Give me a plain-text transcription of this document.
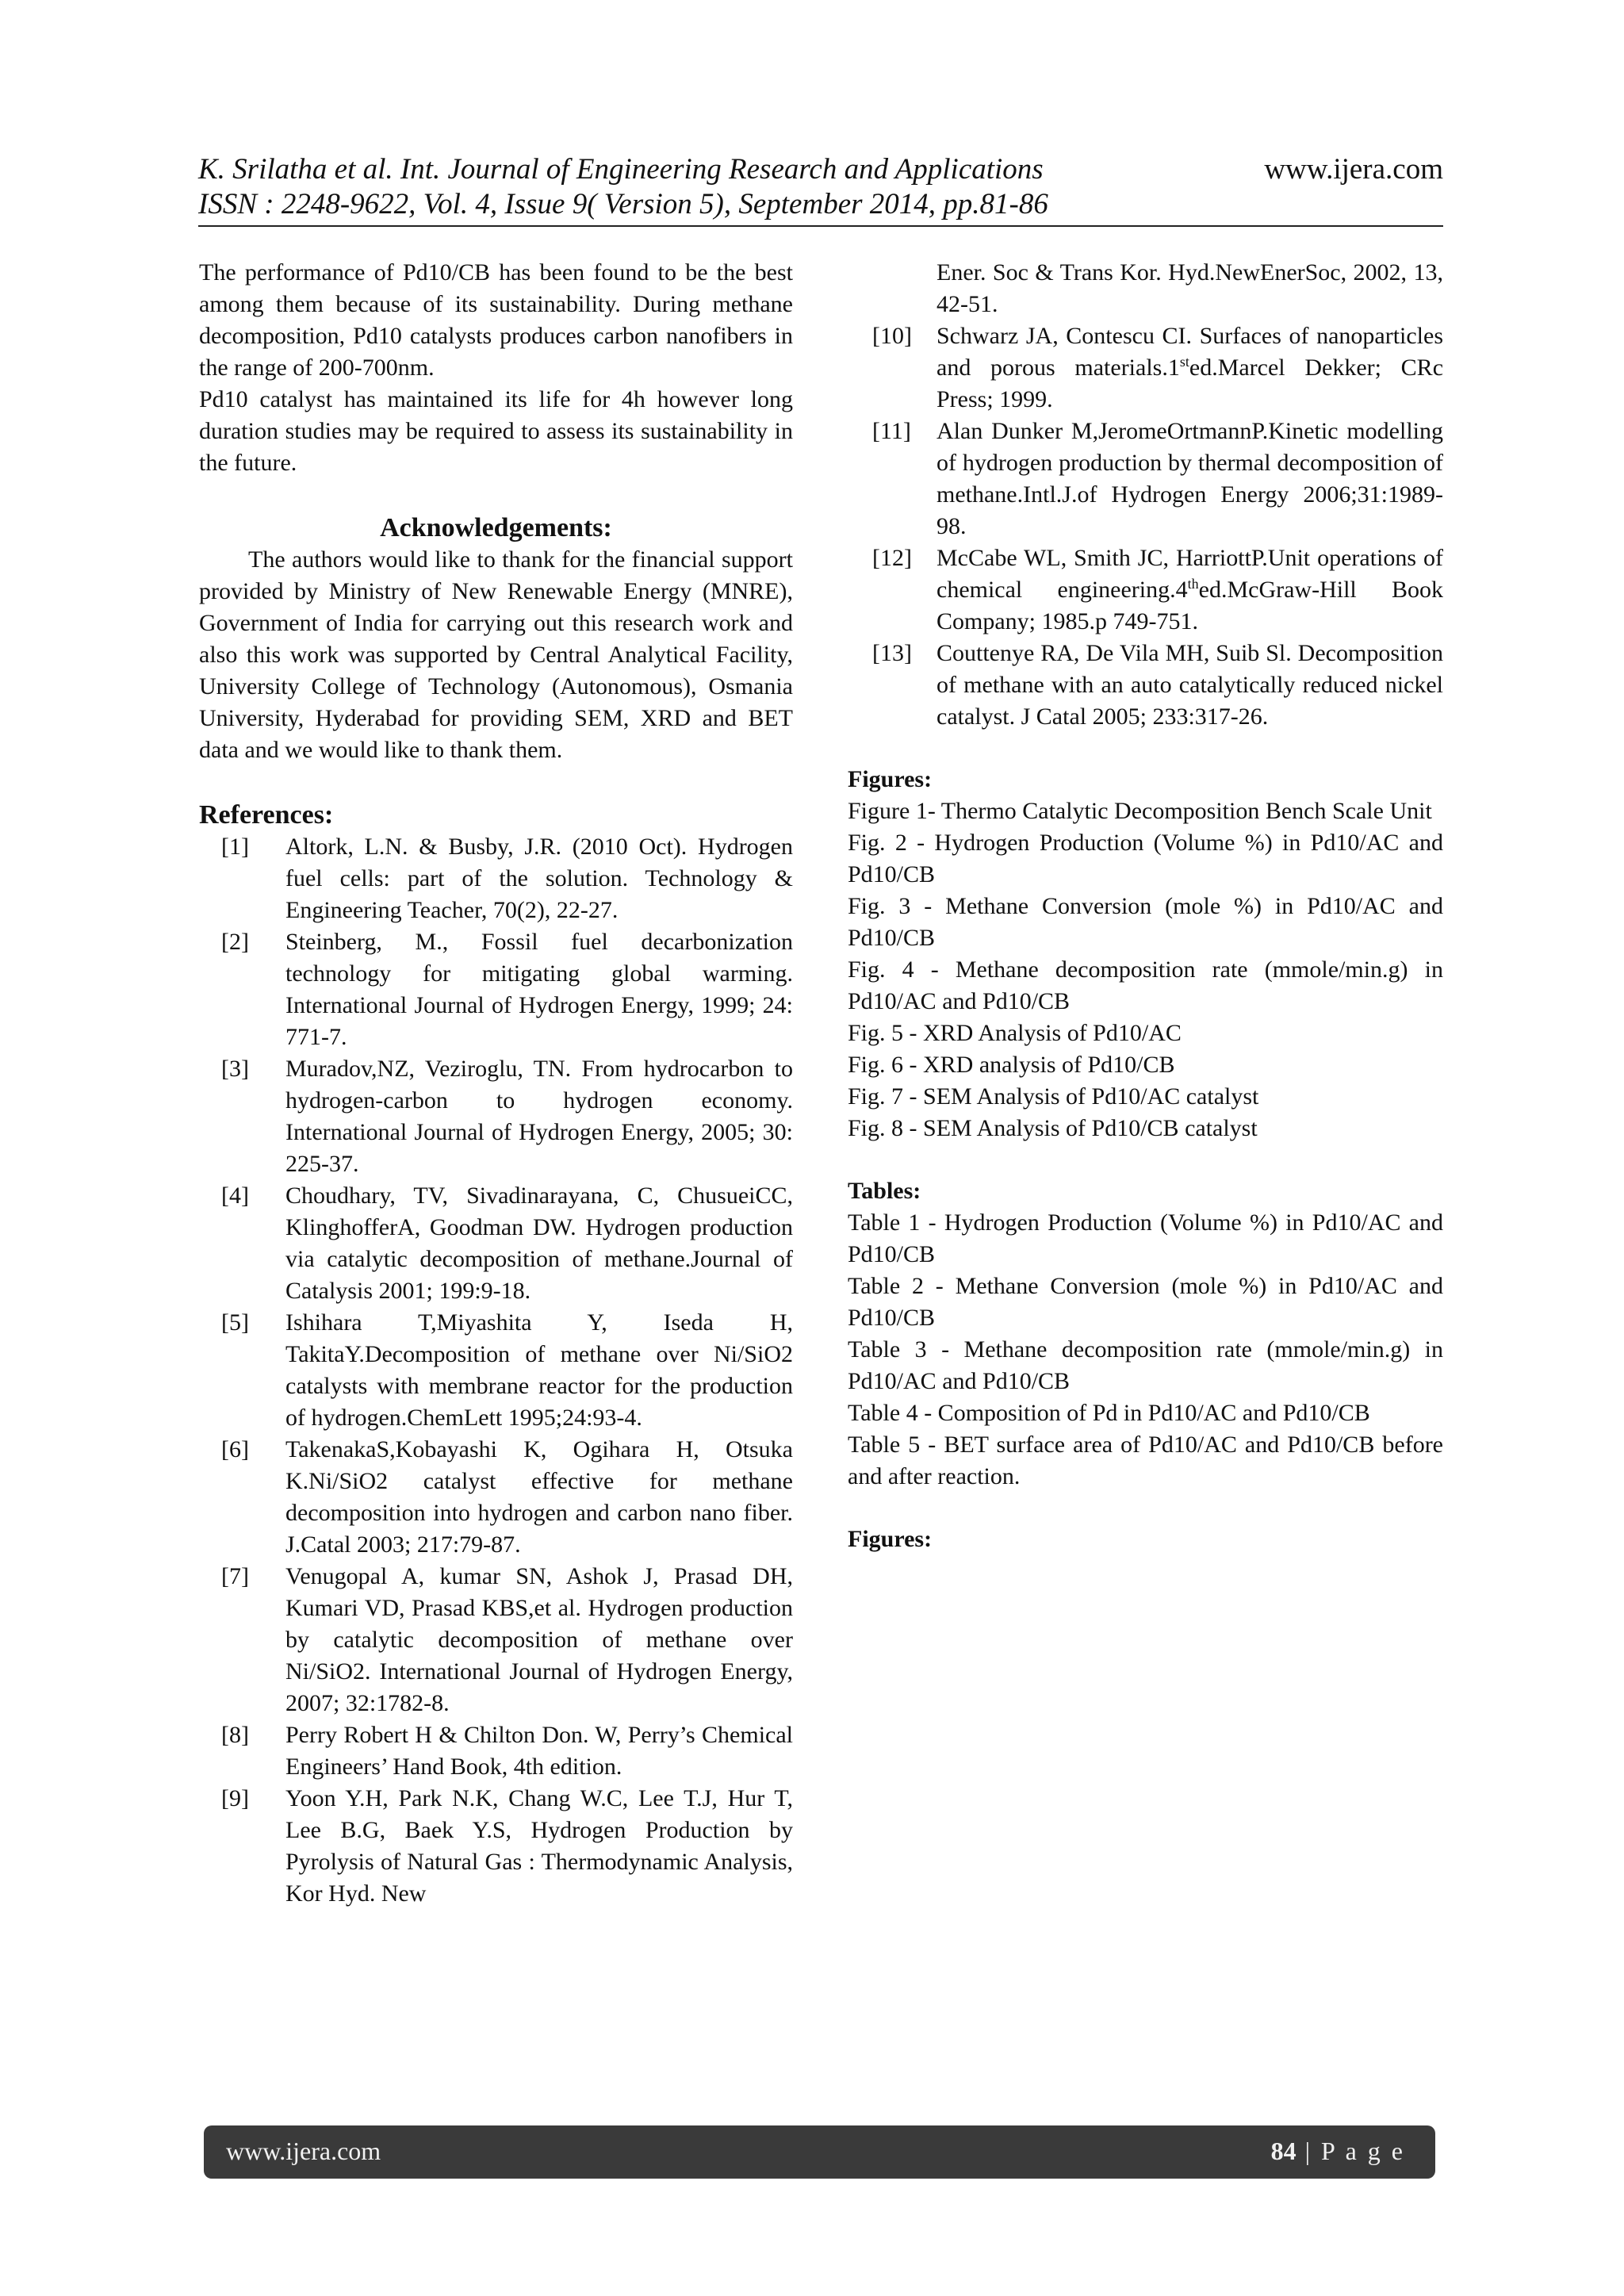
K. Srilatha et al. Int. Journal of Engineering Research and Applications	www.ijera.com
ISSN : 2248-9622, Vol. 4, Issue 9( Version 5), September 2014, pp.81-86

The performance of Pd10/CB has been found to be the best among them because of its sustainability. During methane decomposition, Pd10 catalysts produces carbon nanofibers in the range of 200-700nm.

Pd10 catalyst has maintained its life for 4h however long duration studies may be required to assess its sustainability in the future.

Acknowledgements:

The authors would like to thank for the financial support provided by Ministry of New Renewable Energy (MNRE), Government of India for carrying out this research work and also this work was supported by Central Analytical Facility, University College of Technology (Autonomous), Osmania University, Hyderabad for providing SEM, XRD and BET data and we would like to thank them.

References:
[1] Altork, L.N. & Busby, J.R. (2010 Oct). Hydrogen fuel cells: part of the solution. Technology & Engineering Teacher, 70(2), 22-27.
[2] Steinberg, M., Fossil fuel decarbonization technology for mitigating global warming. International Journal of Hydrogen Energy, 1999; 24: 771-7.
[3] Muradov,NZ, Veziroglu, TN. From hydrocarbon to hydrogen-carbon to hydrogen economy. International Journal of Hydrogen Energy, 2005; 30: 225-37.
[4] Choudhary, TV, Sivadinarayana, C, ChusueiCC, KlinghofferA, Goodman DW. Hydrogen production via catalytic decomposition of methane.Journal of Catalysis 2001; 199:9-18.
[5] Ishihara T,Miyashita Y, Iseda H, TakitaY.Decomposition of methane over Ni/SiO2 catalysts with membrane reactor for the production of hydrogen.ChemLett 1995;24:93-4.
[6] TakenakaS,Kobayashi K, Ogihara H, Otsuka K.Ni/SiO2 catalyst effective for methane decomposition into hydrogen and carbon nano fiber. J.Catal 2003; 217:79-87.
[7] Venugopal A, kumar SN, Ashok J, Prasad DH, Kumari VD, Prasad KBS,et al. Hydrogen production by catalytic decomposition of methane over Ni/SiO2. International Journal of Hydrogen Energy, 2007; 32:1782-8.
[8] Perry Robert H & Chilton Don. W, Perry’s Chemical Engineers’ Hand Book, 4th edition.
[9] Yoon Y.H, Park N.K, Chang W.C, Lee T.J, Hur T, Lee B.G, Baek Y.S, Hydrogen Production by Pyrolysis of Natural Gas : Thermodynamic Analysis, Kor Hyd. New
Ener. Soc & Trans Kor. Hyd.NewEnerSoc, 2002, 13, 42-51.
[10] Schwarz JA, Contescu CI. Surfaces of nanoparticles and porous materials.1sted.Marcel Dekker; CRc Press; 1999.
[11] Alan Dunker M,JeromeOrtmannP.Kinetic modelling of hydrogen production by thermal decomposition of methane.Intl.J.of Hydrogen Energy 2006;31:1989-98.
[12] McCabe WL, Smith JC, HarriottP.Unit operations of chemical engineering.4thed.McGraw-Hill Book Company; 1985.p 749-751.
[13] Couttenye RA, De Vila MH, Suib Sl. Decomposition of methane with an auto catalytically reduced nickel catalyst. J Catal 2005; 233:317-26.
Figures:

Figure 1- Thermo Catalytic Decomposition Bench Scale Unit

Fig. 2 - Hydrogen Production (Volume %) in Pd10/AC and Pd10/CB

Fig. 3 - Methane Conversion (mole %) in Pd10/AC and Pd10/CB

Fig. 4 - Methane decomposition rate (mmole/min.g) in Pd10/AC and Pd10/CB

Fig. 5 - XRD Analysis of Pd10/AC

Fig. 6 - XRD analysis of Pd10/CB

Fig. 7 - SEM Analysis of Pd10/AC catalyst

Fig. 8 - SEM Analysis of Pd10/CB catalyst

Tables:

Table 1 - Hydrogen Production (Volume %) in Pd10/AC and Pd10/CB

Table 2 - Methane Conversion (mole %) in Pd10/AC and Pd10/CB

Table 3 - Methane decomposition rate (mmole/min.g) in Pd10/AC and Pd10/CB

Table 4 - Composition of Pd in Pd10/AC and Pd10/CB

Table 5 - BET surface area of Pd10/AC and Pd10/CB before and after reaction.

Figures:
www.ijera.com	84 | P a g e
